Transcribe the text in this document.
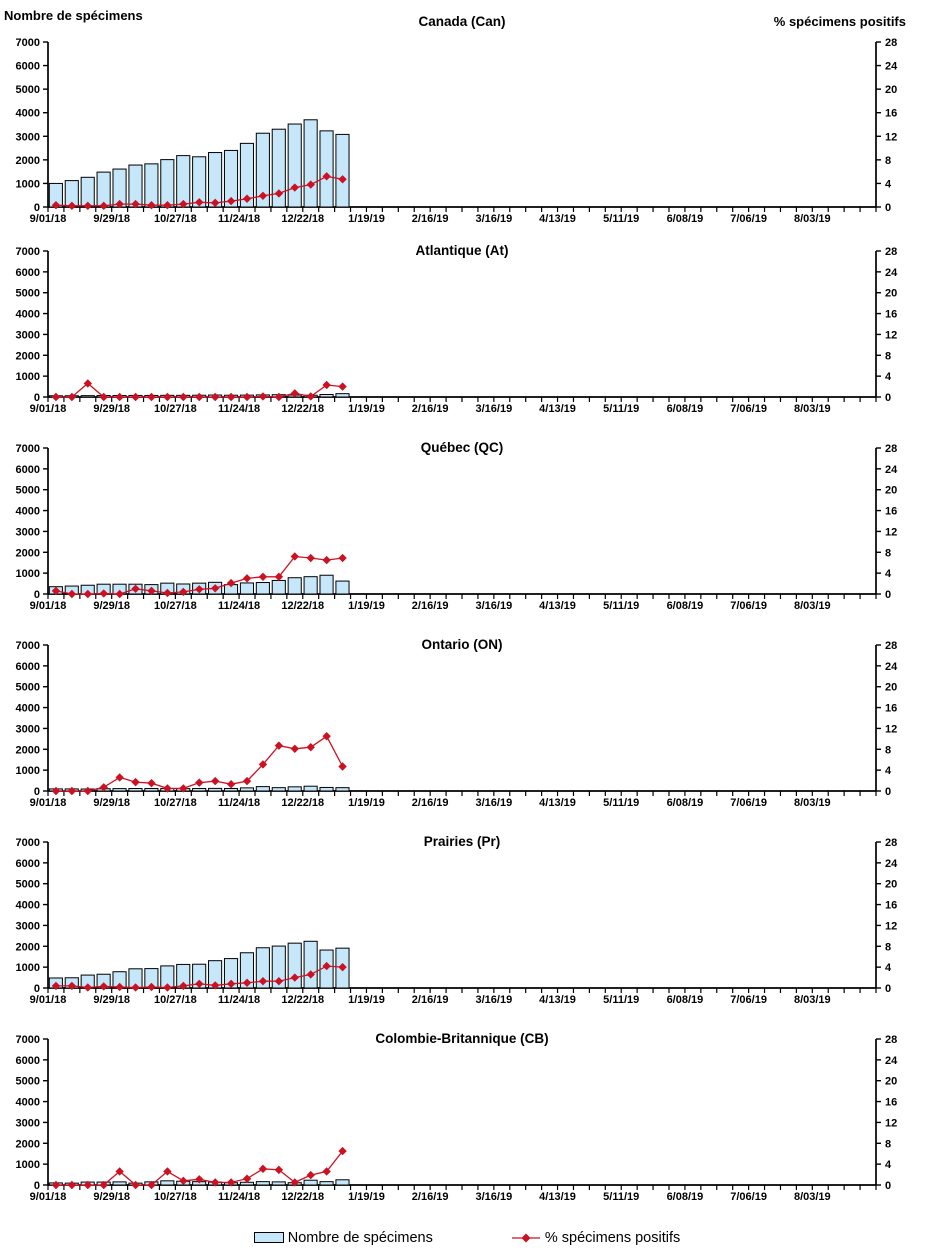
Nombre de spécimens	Canada (Can)	% spécimens positifs
0
1000
2000
3000
4000
5000
6000
7000
0
4
8
12
16
20
24
28
9/01/18 9/29/18 10/27/18 11/24/18 12/22/18 1/19/19 2/16/19 3/16/19 4/13/19 5/11/19 6/08/19 7/06/19 8/03/19
Atlantique (At)
0
1000
2000
3000
4000
5000
6000
7000
0
4
8
12
16
20
24
28
9/01/18 9/29/18 10/27/18 11/24/18 12/22/18 1/19/19 2/16/19 3/16/19 4/13/19 5/11/19 6/08/19 7/06/19 8/03/19
Québec (QC)
0
1000
2000
3000
4000
5000
6000
7000
0
4
8
12
16
20
24
28
9/01/18 9/29/18 10/27/18 11/24/18 12/22/18 1/19/19 2/16/19 3/16/19 4/13/19 5/11/19 6/08/19 7/06/19 8/03/19
Ontario (ON)
0
1000
2000
3000
4000
5000
6000
7000
0
4
8
12
16
20
24
28
9/01/18 9/29/18 10/27/18 11/24/18 12/22/18 1/19/19 2/16/19 3/16/19 4/13/19 5/11/19 6/08/19 7/06/19 8/03/19
Prairies (Pr)
0
1000
2000
3000
4000
5000
6000
7000
0
4
8
12
16
20
24
28
9/01/18 9/29/18 10/27/18 11/24/18 12/22/18 1/19/19 2/16/19 3/16/19 4/13/19 5/11/19 6/08/19 7/06/19 8/03/19
Colombie-Britannique (CB)
0
1000
2000
3000
4000
5000
6000
7000
0
4
8
12
16
20
24
28
9/01/18 9/29/18 10/27/18 11/24/18 12/22/18 1/19/19 2/16/19 3/16/19 4/13/19 5/11/19 6/08/19 7/06/19 8/03/19
Nombre de spécimens	% spécimens positifs
